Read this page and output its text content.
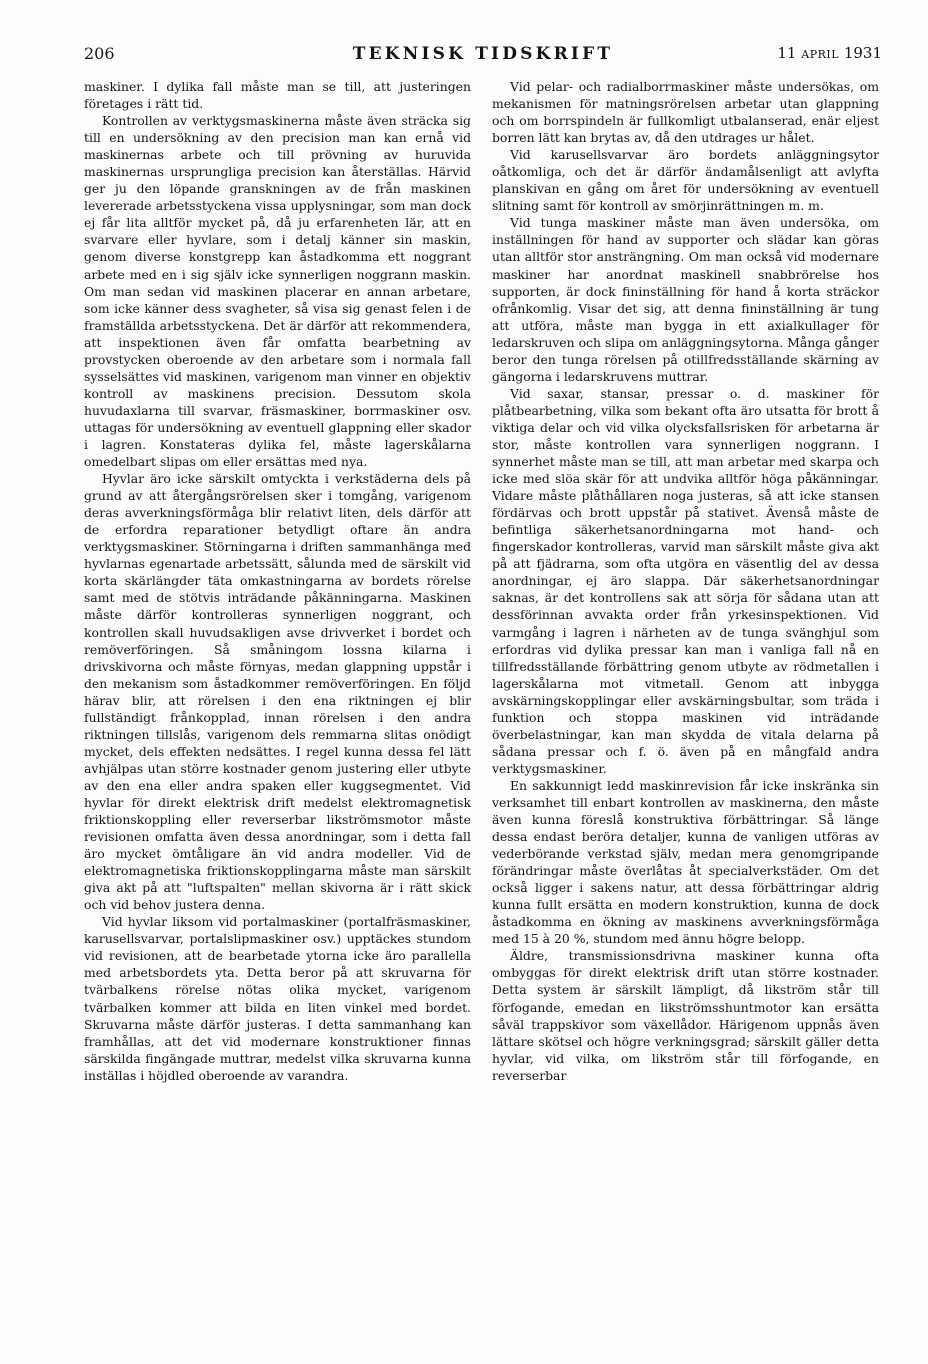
206	TEKNISK TIDSKRIFT	11 APRIL 1931

maskiner. I dylika fall måste man se till, att justeringen företages i rätt tid.

Kontrollen av verktygsmaskinerna måste även sträcka sig till en undersökning av den precision man kan ernå vid maskinernas arbete och till prövning av huruvida maskinernas ursprungliga precision kan återställas. Härvid ger ju den löpande granskningen av de från maskinen levererade arbetsstyckena vissa upplysningar, som man dock ej får lita alltför mycket på, då ju erfarenheten lär, att en svarvare eller hyvlare, som i detalj känner sin maskin, genom diverse konstgrepp kan åstadkomma ett noggrant arbete med en i sig själv icke synnerligen noggrann maskin. Om man sedan vid maskinen placerar en annan arbetare, som icke känner dess svagheter, så visa sig genast felen i de framställda arbetsstyckena. Det är därför att rekommendera, att inspektionen även får omfatta bearbetning av provstycken oberoende av den arbetare som i normala fall sysselsättes vid maskinen, varigenom man vinner en objektiv kontroll av maskinens precision. Dessutom skola huvudaxlarna till svarvar, fräsmaskiner, borrmaskiner osv. uttagas för undersökning av eventuell glappning eller skador i lagren. Konstateras dylika fel, måste lagerskålarna omedelbart slipas om eller ersättas med nya.

Hyvlar äro icke särskilt omtyckta i verkstäderna dels på grund av att återgångsrörelsen sker i tomgång, varigenom deras avverkningsförmåga blir relativt liten, dels därför att de erfordra reparationer betydligt oftare än andra verktygsmaskiner. Störningarna i driften sammanhänga med hyvlarnas egenartade arbetssätt, sålunda med de särskilt vid korta skärlängder täta omkastningarna av bordets rörelse samt med de stötvis inträdande påkänningarna. Maskinen måste därför kontrolleras synnerligen noggrant, och kontrollen skall huvudsakligen avse drivverket i bordet och remöverföringen. Så småningom lossna kilarna i drivskivorna och måste förnyas, medan glappning uppstår i den mekanism som åstadkommer remöverföringen. En följd härav blir, att rörelsen i den ena riktningen ej blir fullständigt frånkopplad, innan rörelsen i den andra riktningen tillslås, varigenom dels remmarna slitas onödigt mycket, dels effekten nedsättes. I regel kunna dessa fel lätt avhjälpas utan större kostnader genom justering eller utbyte av den ena eller andra spaken eller kuggsegmentet. Vid hyvlar för direkt elektrisk drift medelst elektromagnetisk friktionskoppling eller reverserbar likströmsmotor måste revisionen omfatta även dessa anordningar, som i detta fall äro mycket ömtåligare än vid andra modeller. Vid de elektromagnetiska friktionskopplingarna måste man särskilt giva akt på att "luftspalten" mellan skivorna är i rätt skick och vid behov justera denna.

Vid hyvlar liksom vid portalmaskiner (portalfräsmaskiner, karusellsvarvar, portalslipmaskiner osv.) upptäckes stundom vid revisionen, att de bearbetade ytorna icke äro parallella med arbetsbordets yta. Detta beror på att skruvarna för tvärbalkens rörelse nötas olika mycket, varigenom tvärbalken kommer att bilda en liten vinkel med bordet. Skruvarna måste därför justeras. I detta sammanhang kan framhållas, att det vid modernare konstruktioner finnas särskilda fingängade muttrar, medelst vilka skruvarna kunna inställas i höjdled oberoende av varandra.

Vid pelar- och radialborrmaskiner måste undersökas, om mekanismen för matningsrörelsen arbetar utan glappning och om borrspindeln är fullkomligt utbalanserad, enär eljest borren lätt kan brytas av, då den utdrages ur hålet.

Vid karusellsvarvar äro bordets anläggningsytor oåtkomliga, och det är därför ändamålsenligt att avlyfta planskivan en gång om året för undersökning av eventuell slitning samt för kontroll av smörjinrättningen m. m.

Vid tunga maskiner måste man även undersöka, om inställningen för hand av supporter och slädar kan göras utan alltför stor ansträngning. Om man också vid modernare maskiner har anordnat maskinell snabbrörelse hos supporten, är dock fininställning för hand å korta sträckor ofrånkomlig. Visar det sig, att denna fininställning är tung att utföra, måste man bygga in ett axialkullager för ledarskruven och slipa om anläggningsytorna. Många gånger beror den tunga rörelsen på otillfredsställande skärning av gängorna i ledarskruvens muttrar.

Vid saxar, stansar, pressar o. d. maskiner för plåtbearbetning, vilka som bekant ofta äro utsatta för brott å viktiga delar och vid vilka olycksfallsrisken för arbetarna är stor, måste kontrollen vara synnerligen noggrann. I synnerhet måste man se till, att man arbetar med skarpa och icke med slöa skär för att undvika alltför höga påkänningar. Vidare måste plåthållaren noga justeras, så att icke stansen fördärvas och brott uppstår på stativet. Ävenså måste de befintliga säkerhetsanordningarna mot hand- och fingerskador kontrolleras, varvid man särskilt måste giva akt på att fjädrarna, som ofta utgöra en väsentlig del av dessa anordningar, ej äro slappa. Där säkerhetsanordningar saknas, är det kontrollens sak att sörja för sådana utan att dessförinnan avvakta order från yrkesinspektionen. Vid varmgång i lagren i närheten av de tunga svänghjul som erfordras vid dylika pressar kan man i vanliga fall nå en tillfredsställande förbättring genom utbyte av rödmetallen i lagerskålarna mot vitmetall. Genom att inbygga avskärningskopplingar eller avskärningsbultar, som träda i funktion och stoppa maskinen vid inträdande överbelastningar, kan man skydda de vitala delarna på sådana pressar och f. ö. även på en mångfald andra verktygsmaskiner.

En sakkunnigt ledd maskinrevision får icke inskränka sin verksamhet till enbart kontrollen av maskinerna, den måste även kunna föreslå konstruktiva förbättringar. Så länge dessa endast beröra detaljer, kunna de vanligen utföras av vederbörande verkstad själv, medan mera genomgripande förändringar måste överlåtas åt specialverkstäder. Om det också ligger i sakens natur, att dessa förbättringar aldrig kunna fullt ersätta en modern konstruktion, kunna de dock åstadkomma en ökning av maskinens avverkningsförmåga med 15 à 20 %, stundom med ännu högre belopp.

Äldre, transmissionsdrivna maskiner kunna ofta ombyggas för direkt elektrisk drift utan större kostnader. Detta system är särskilt lämpligt, då likström står till förfogande, emedan en likströmsshuntmotor kan ersätta såväl trappskivor som växellådor. Härigenom uppnås även lättare skötsel och högre verkningsgrad; särskilt gäller detta hyvlar, vid vilka, om likström står till förfogande, en reverserbar
